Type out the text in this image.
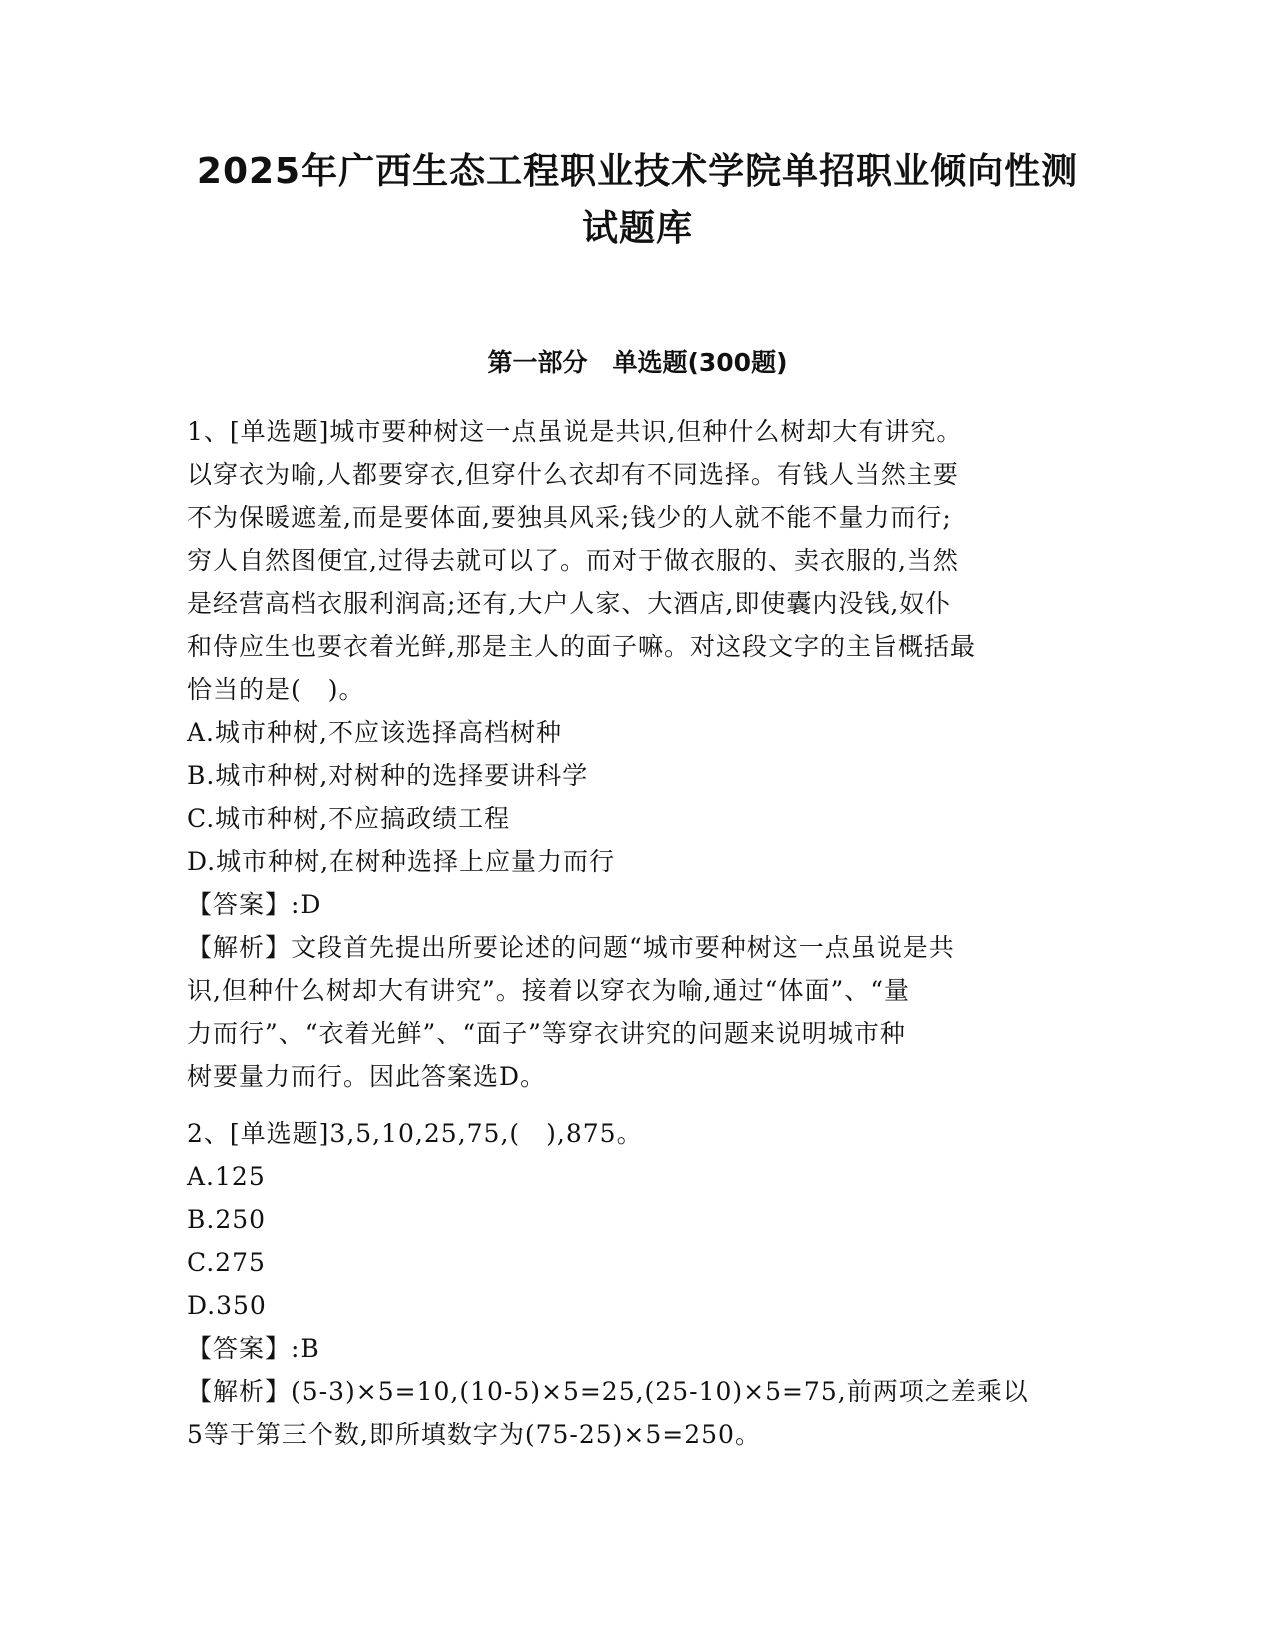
2025年广西生态工程职业技术学院单招职业倾向性测
试题库
第一部分　单选题(300题)
1、[单选题]城市要种树这一点虽说是共识,但种什么树却大有讲究。
以穿衣为喻,人都要穿衣,但穿什么衣却有不同选择。有钱人当然主要
不为保暖遮羞,而是要体面,要独具风采;钱少的人就不能不量力而行;
穷人自然图便宜,过得去就可以了。而对于做衣服的、卖衣服的,当然
是经营高档衣服利润高;还有,大户人家、大酒店,即使囊内没钱,奴仆
和侍应生也要衣着光鲜,那是主人的面子嘛。对这段文字的主旨概括最
恰当的是(　)。
A.城市种树,不应该选择高档树种
B.城市种树,对树种的选择要讲科学
C.城市种树,不应搞政绩工程
D.城市种树,在树种选择上应量力而行
【答案】:D
【解析】文段首先提出所要论述的问题“城市要种树这一点虽说是共
识,但种什么树却大有讲究”。接着以穿衣为喻,通过“体面”、“量
力而行”、“衣着光鲜”、“面子”等穿衣讲究的问题来说明城市种
树要量力而行。因此答案选D。
2、[单选题]3,5,10,25,75,(　),875。
A.125
B.250
C.275
D.350
【答案】:B
【解析】(5-3)×5=10,(10-5)×5=25,(25-10)×5=75,前两项之差乘以
5等于第三个数,即所填数字为(75-25)×5=250。
